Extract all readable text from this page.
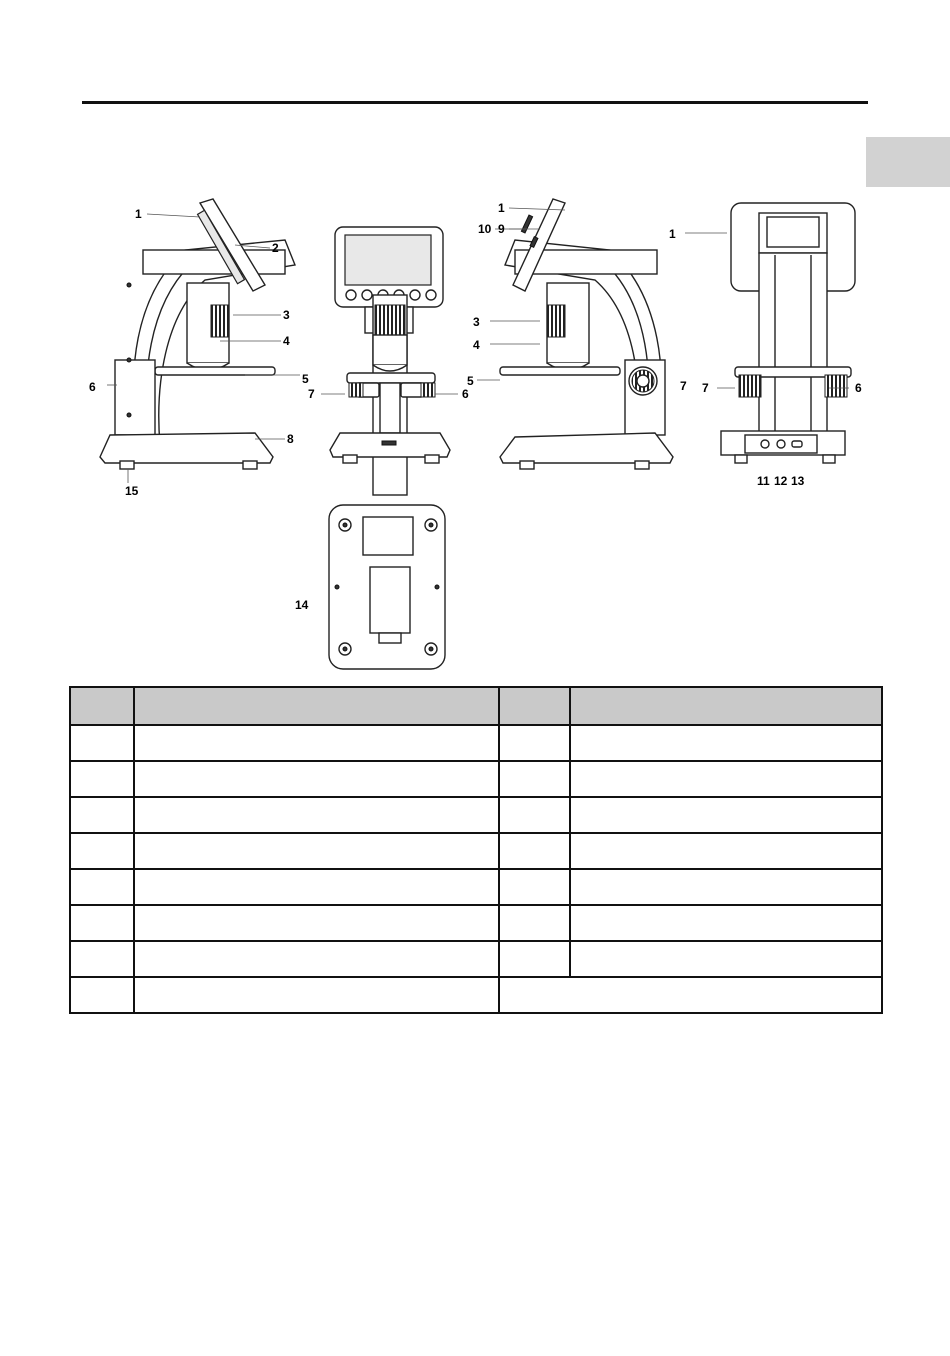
1
2
3
4
5
6
8
15
3
4
5
7	6
1
9
10
7
1
7	6
11 12 13
14
